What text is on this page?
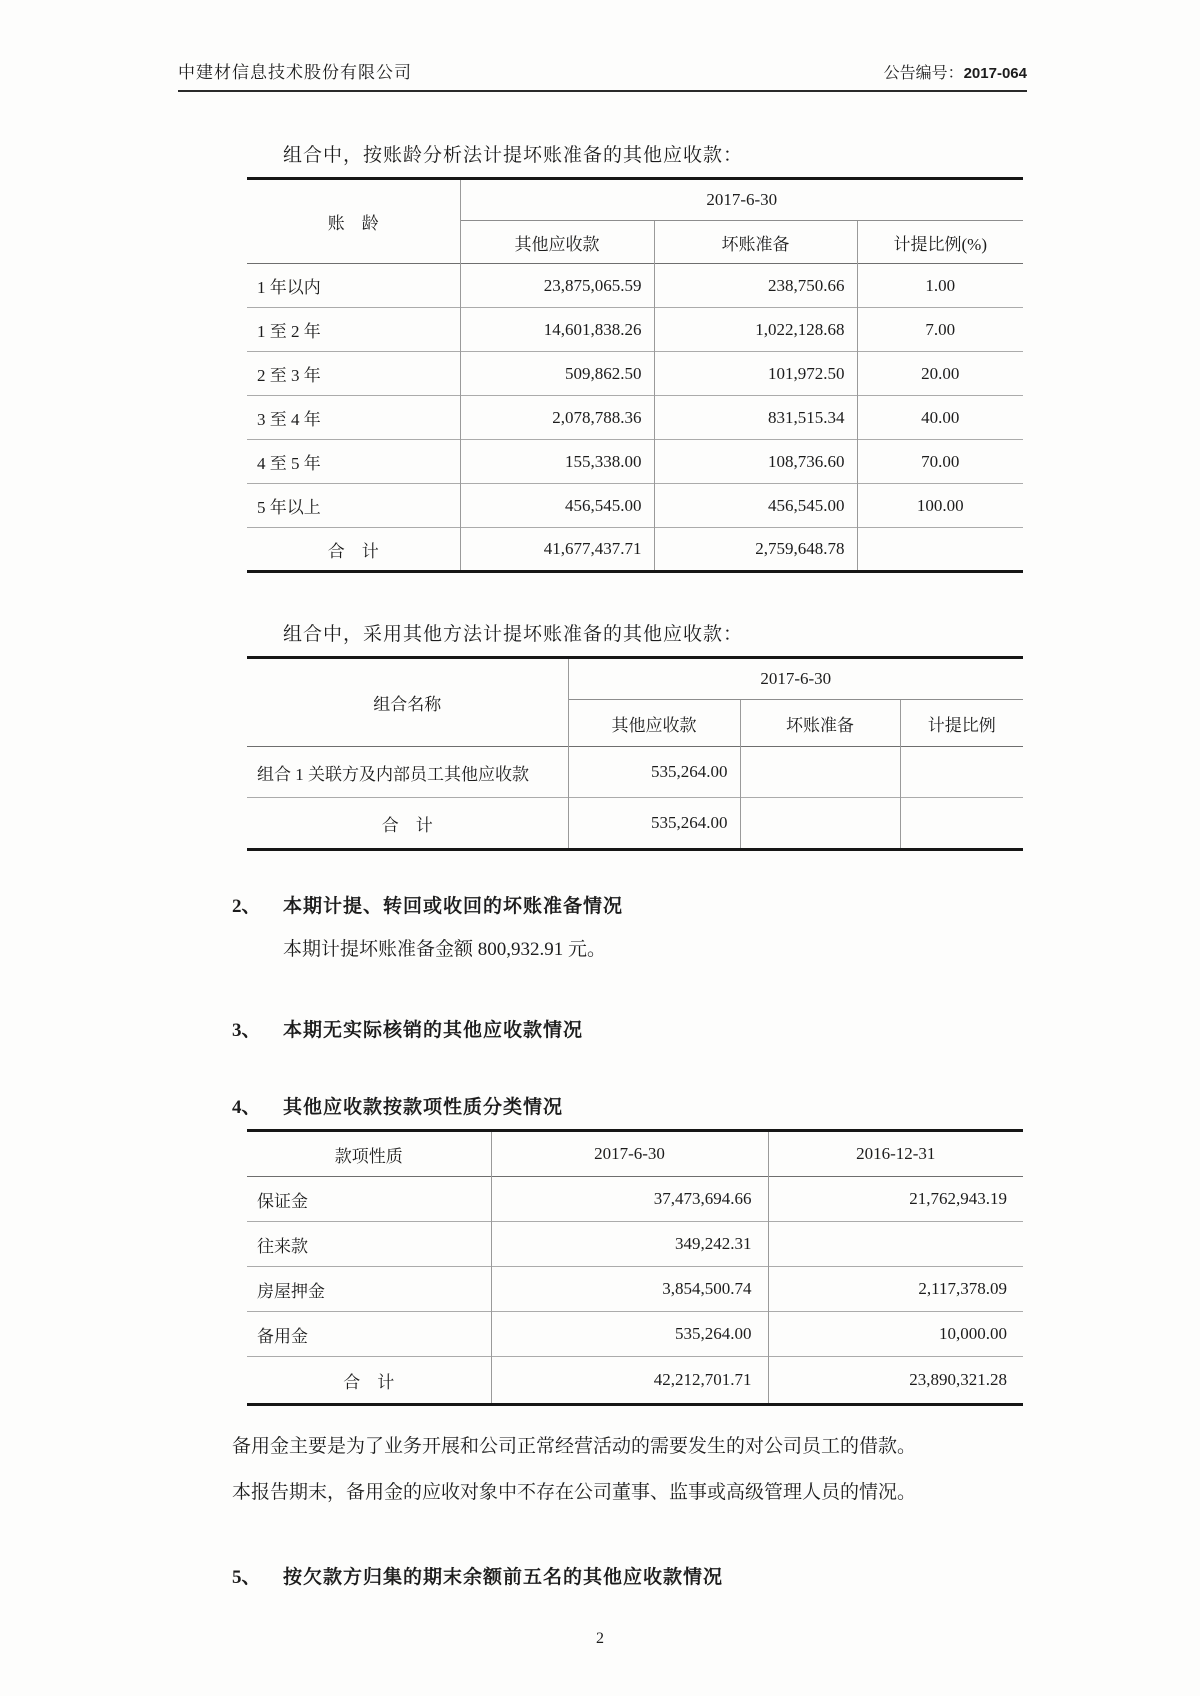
中建材信息技术股份有限公司	公告编号：2017-064
组合中，按账龄分析法计提坏账准备的其他应收款：
账　龄	2017-6-30		
	其他应收款	坏账准备	计提比例(%)
1 年以内	23,875,065.59	238,750.66	1.00
1 至 2 年	14,601,838.26	1,022,128.68	7.00
2 至 3 年	509,862.50	101,972.50	20.00
3 至 4 年	2,078,788.36	831,515.34	40.00
4 至 5 年	155,338.00	108,736.60	70.00
5 年以上	456,545.00	456,545.00	100.00
合　计	41,677,437.71	2,759,648.78	
组合中，采用其他方法计提坏账准备的其他应收款：
组合名称	2017-6-30		
	其他应收款	坏账准备	计提比例
组合 1 关联方及内部员工其他应收款	535,264.00		
合　计	535,264.00		
2、	本期计提、转回或收回的坏账准备情况
本期计提坏账准备金额 800,932.91 元。
3、	本期无实际核销的其他应收款情况
4、	其他应收款按款项性质分类情况
款项性质	2017-6-30	2016-12-31
保证金	37,473,694.66	21,762,943.19
往来款	349,242.31	
房屋押金	3,854,500.74	2,117,378.09
备用金	535,264.00	10,000.00
合　计	42,212,701.71	23,890,321.28
备用金主要是为了业务开展和公司正常经营活动的需要发生的对公司员工的借款。
本报告期末，备用金的应收对象中不存在公司董事、监事或高级管理人员的情况。
5、	按欠款方归集的期末余额前五名的其他应收款情况
2
